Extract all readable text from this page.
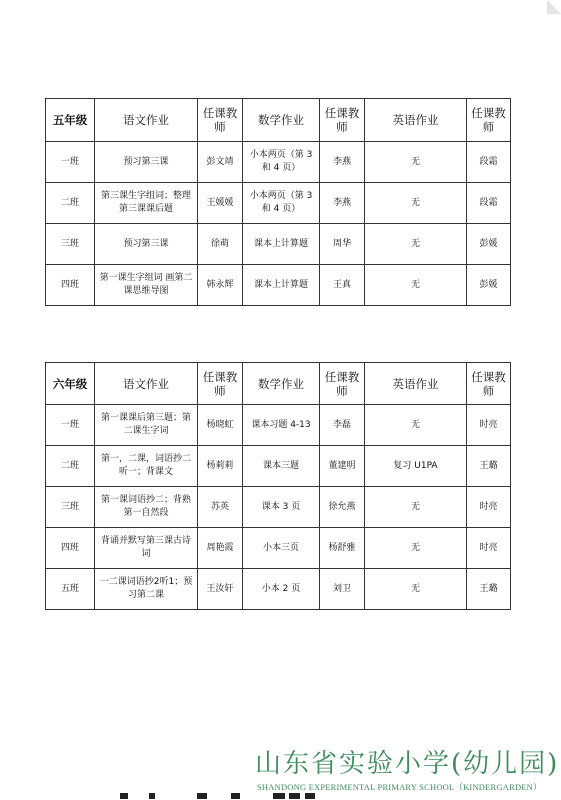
五年级	语文作业	任课教师	数学作业	任课教师	英语作业	任课教师
一班	预习第三课	彭文靖	小本两页（第 3 和 4 页）	李燕	无	段霜
二班	第三课生字组词；整理第三课课后题	王媛媛	小本两页（第 3 和 4 页）	李燕	无	段霜
三班	预习第三课	徐萌	课本上计算题	周华	无	彭媛
四班	第一课生字组词 画第二课思维导图	韩永辉	课本上计算题	王真	无	彭媛
六年级	语文作业	任课教师	数学作业	任课教师	英语作业	任课教师
一班	第一课课后第三题；第二课生字词	杨晓虹	课本习题 4-13	李磊	无	时亮
二班	第一，二课，词语抄二听一；背课文	杨莉莉	课本三题	董建明	复习 U1PA	王璐
三班	第一课词语抄二；背熟第一自然段	苏英	课本 3 页	徐允燕	无	时亮
四班	背诵并默写第三课古诗词	周艳霞	小本三页	杨舒雅	无	时亮
五班	一二课词语抄2听1；预习第二课	王汝轩	小本 2 页	刘卫	无	王璐
山东省实验小学(幼儿园)
SHANDONG EXPERIMENTAL PRIMARY SCHOOL（KINDERGARDEN）
